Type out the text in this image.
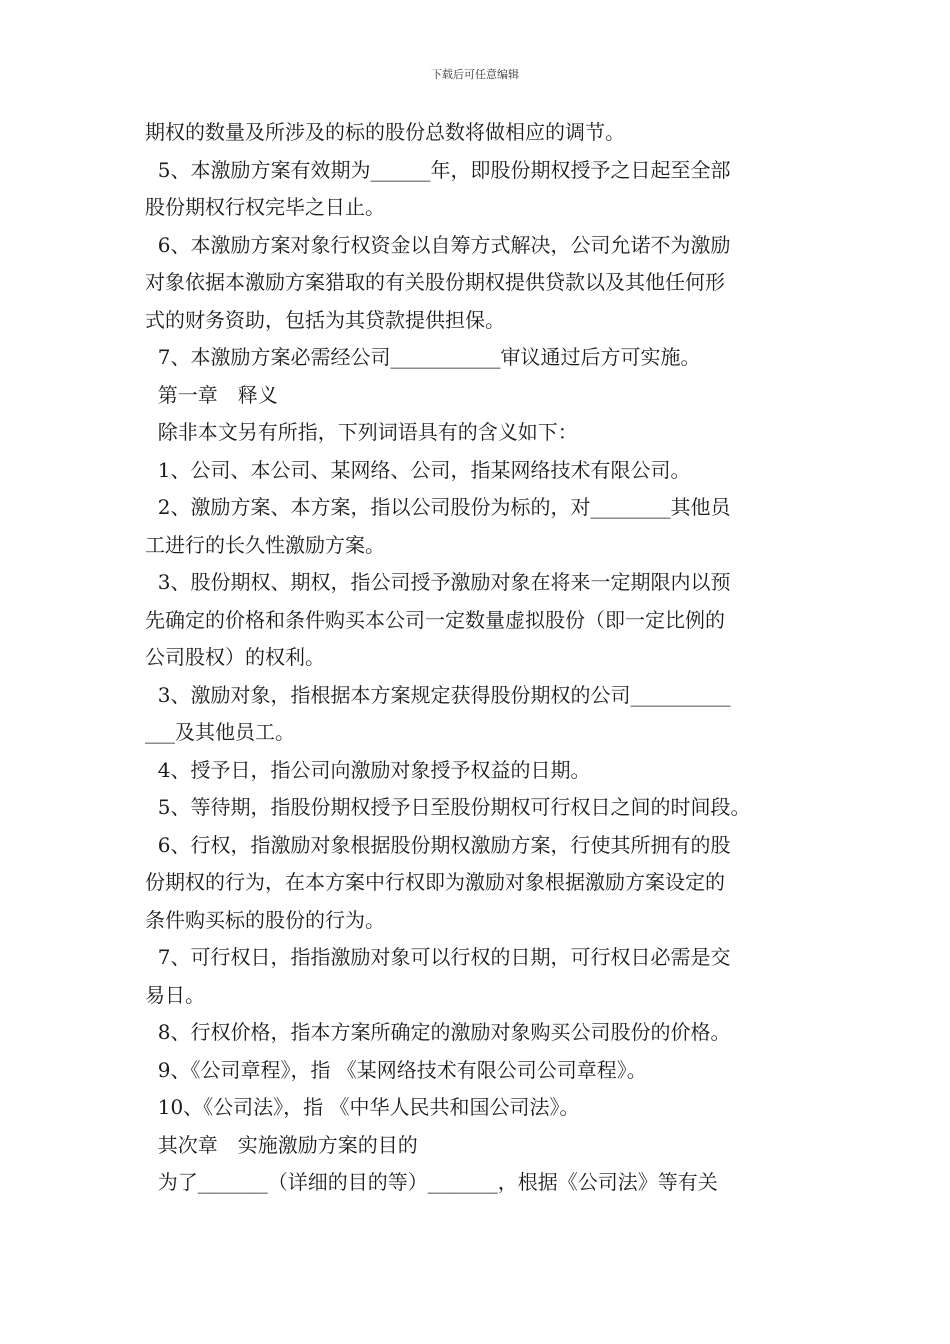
下载后可任意编辑
期权的数量及所涉及的标的股份总数将做相应的调节。
5、本激励方案有效期为______年，即股份期权授予之日起至全部
股份期权行权完毕之日止。
6、本激励方案对象行权资金以自筹方式解决，公司允诺不为激励
对象依据本激励方案猎取的有关股份期权提供贷款以及其他任何形
式的财务资助，包括为其贷款提供担保。
7、本激励方案必需经公司___________审议通过后方可实施。
第一章　释义
除非本文另有所指，下列词语具有的含义如下：
1、公司、本公司、某网络、公司，指某网络技术有限公司。
2、激励方案、本方案，指以公司股份为标的，对________其他员
工进行的长久性激励方案。
3、股份期权、期权，指公司授予激励对象在将来一定期限内以预
先确定的价格和条件购买本公司一定数量虚拟股份（即一定比例的
公司股权）的权利。
3、激励对象，指根据本方案规定获得股份期权的公司__________
___及其他员工。
4、授予日，指公司向激励对象授予权益的日期。
5、等待期，指股份期权授予日至股份期权可行权日之间的时间段。
6、行权，指激励对象根据股份期权激励方案，行使其所拥有的股
份期权的行为，在本方案中行权即为激励对象根据激励方案设定的
条件购买标的股份的行为。
7、可行权日，指指激励对象可以行权的日期，可行权日必需是交
易日。
8、行权价格，指本方案所确定的激励对象购买公司股份的价格。
9、《公司章程》，指 《某网络技术有限公司公司章程》。
10、《公司法》，指 《中华人民共和国公司法》。
其次章　实施激励方案的目的
为了_______（详细的目的等）_______，根据《公司法》等有关
